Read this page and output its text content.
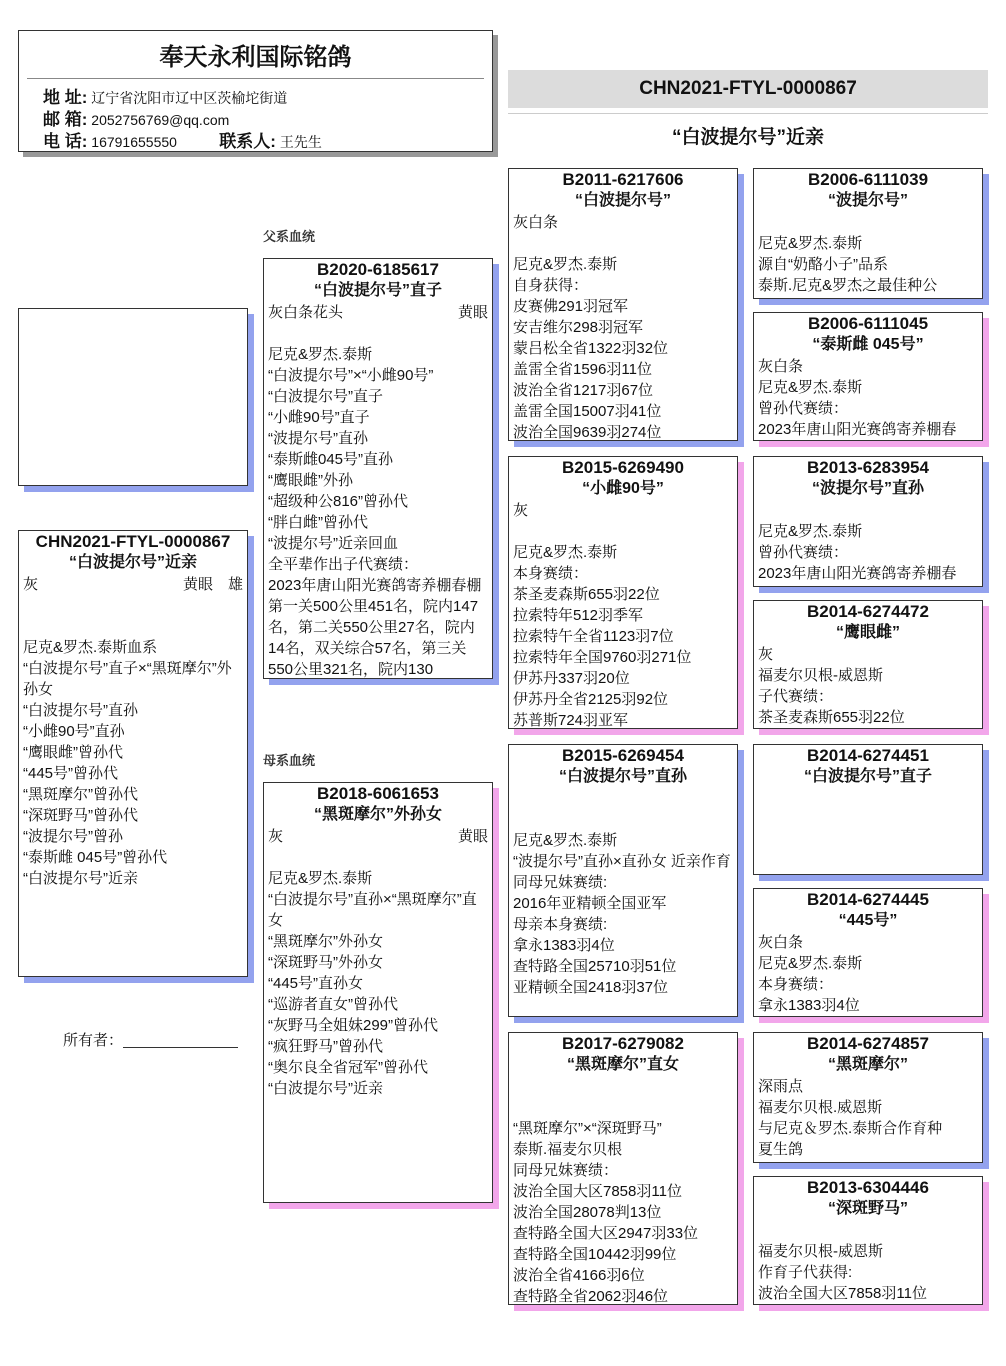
奉天永利国际铭鸽
地 址: 辽宁省沈阳市辽中区茨榆坨街道
邮 箱: 2052756769@qq.com
电 话: 16791655550 联系人: 王先生
CHN2021-FTYL-0000867
“白波提尔号”近亲
父系血统
母系血统
所有者：
CHN2021-FTYL-0000867
“白波提尔号”近亲
灰	黄眼　雄
尼克&罗杰.泰斯血系
“白波提尔号”直子×“黑斑摩尔”外孙女
“白波提尔号”直孙
“小雌90号”直孙
“鹰眼雌”曾孙代
“445号”曾孙代
“黑斑摩尔”曾孙代
“深斑野马”曾孙代
“波提尔号”曾孙
“泰斯雌 045号”曾孙代
“白波提尔号”近亲
B2020-6185617
“白波提尔号”直子
灰白条花头	黄眼
尼克&罗杰.泰斯
“白波提尔号”×“小雌90号”
“白波提尔号”直子
“小雌90号”直子
“波提尔号”直孙
“泰斯雌045号”直孙
“鹰眼雌”外孙
“超级种公816”曾孙代
“胖白雌”曾孙代
“波提尔号”近亲回血
全平辈作出子代赛绩：
2023年唐山阳光赛鸽寄养棚春棚第一关500公里451名，院内147名，第二关550公里27名，院内14名，双关综合57名，第三关550公里321名，院内130
B2018-6061653
“黑斑摩尔”外孙女
灰	黄眼
尼克&罗杰.泰斯
“白波提尔号”直孙×“黑斑摩尔”直女
“黑斑摩尔”外孙女
“深斑野马”外孙女
“445号”直孙女
“巡游者直女”曾孙代
“灰野马全姐妹299”曾孙代
“疯狂野马”曾孙代
“奥尔良全省冠军”曾孙代
“白波提尔号”近亲
B2011-6217606
“白波提尔号”
灰白条
尼克&罗杰.泰斯
自身获得：
皮赛佛291羽冠军
安吉维尔298羽冠军
蒙吕松全省1322羽32位
盖雷全省1596羽11位
波治全省1217羽67位
盖雷全国15007羽41位
波治全国9639羽274位
B2015-6269490
“小雌90号”
灰
尼克&罗杰.泰斯
本身赛绩：
茶圣麦森斯655羽22位
拉索特年512羽季军
拉索特午全省1123羽7位
拉索特年全国9760羽271位
伊苏丹337羽20位
伊苏丹全省2125羽92位
苏普斯724羽亚军
B2015-6269454
“白波提尔号”直孙
尼克&罗杰.泰斯
“波提尔号”直孙×直孙女 近亲作育
同母兄妹赛绩:
2016年亚精顿全国亚军
母亲本身赛绩:
拿永1383羽4位
查特路全国25710羽51位
亚精顿全国2418羽37位
B2017-6279082
“黑斑摩尔”直女
“黑斑摩尔”×“深斑野马”
泰斯.福麦尔贝根
同母兄妹赛绩：
波治全国大区7858羽11位
波治全国28078判13位
查特路全国大区2947羽33位
查特路全国10442羽99位
波治全省4166羽6位
查特路全省2062羽46位
B2006-6111039
“波提尔号”
尼克&罗杰.泰斯
源自“奶酪小子”品系
泰斯.尼克&罗杰之最佳种公
B2006-6111045
“泰斯雌 045号”
灰白条
尼克&罗杰.泰斯
曾孙代赛绩：
2023年唐山阳光赛鸽寄养棚春
B2013-6283954
“波提尔号”直孙
尼克&罗杰.泰斯
曾孙代赛绩：
2023年唐山阳光赛鸽寄养棚春
B2014-6274472
“鹰眼雌”
灰
福麦尔贝根-威恩斯
子代赛绩：
茶圣麦森斯655羽22位
B2014-6274451
“白波提尔号”直子
B2014-6274445
“445号”
灰白条
尼克&罗杰.泰斯
本身赛绩：
拿永1383羽4位
B2014-6274857
“黑斑摩尔”
深雨点
福麦尔贝根.威恩斯
与尼克＆罗杰.泰斯合作育种
夏生鸽
B2013-6304446
“深斑野马”
福麦尔贝根-威恩斯
作育子代获得:
波治全国大区7858羽11位
